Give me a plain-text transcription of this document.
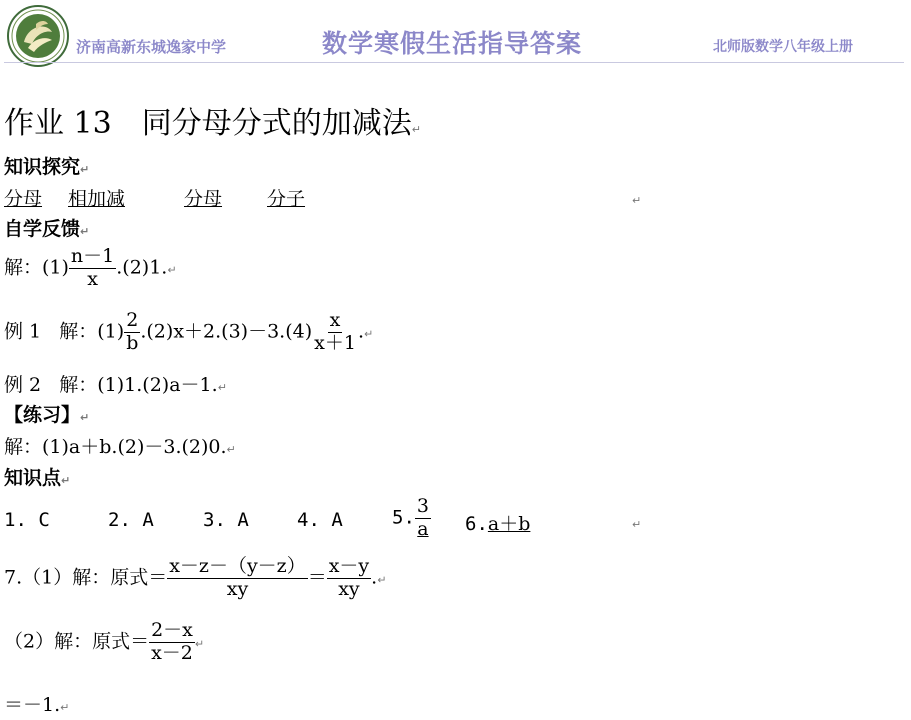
济南高新东城逸家中学	数学寒假生活指导答案	北师版数学八年级上册
作业 13　同分母分式的加减法↵
知识探究↵
分母 相加减	分母 分子	↵
自学反馈↵
解：$(1) \frac{n-1}{x}$ .(2)1.↵
例 1 解：$(1) \frac{2}{b} .(2)x+2.(3)-3.(4) \frac{x}{x+1}$ .↵
例 2 解：(1)1.(2)a－1.↵
【练习】↵
解：(1)a＋b.(2)－3.(2)0.↵
知识点↵
1. C	2. A	3. A	4. A	5. $\frac{3}{a} 6.a+b$	↵
7.（1）解：原式＝ $\frac{x-z-(y-z)}{xy} = \frac{x-y}{xy}$ .↵
（2）解：原式＝ $\frac{2-x}{x-2}$ ↵
＝－1.↵
